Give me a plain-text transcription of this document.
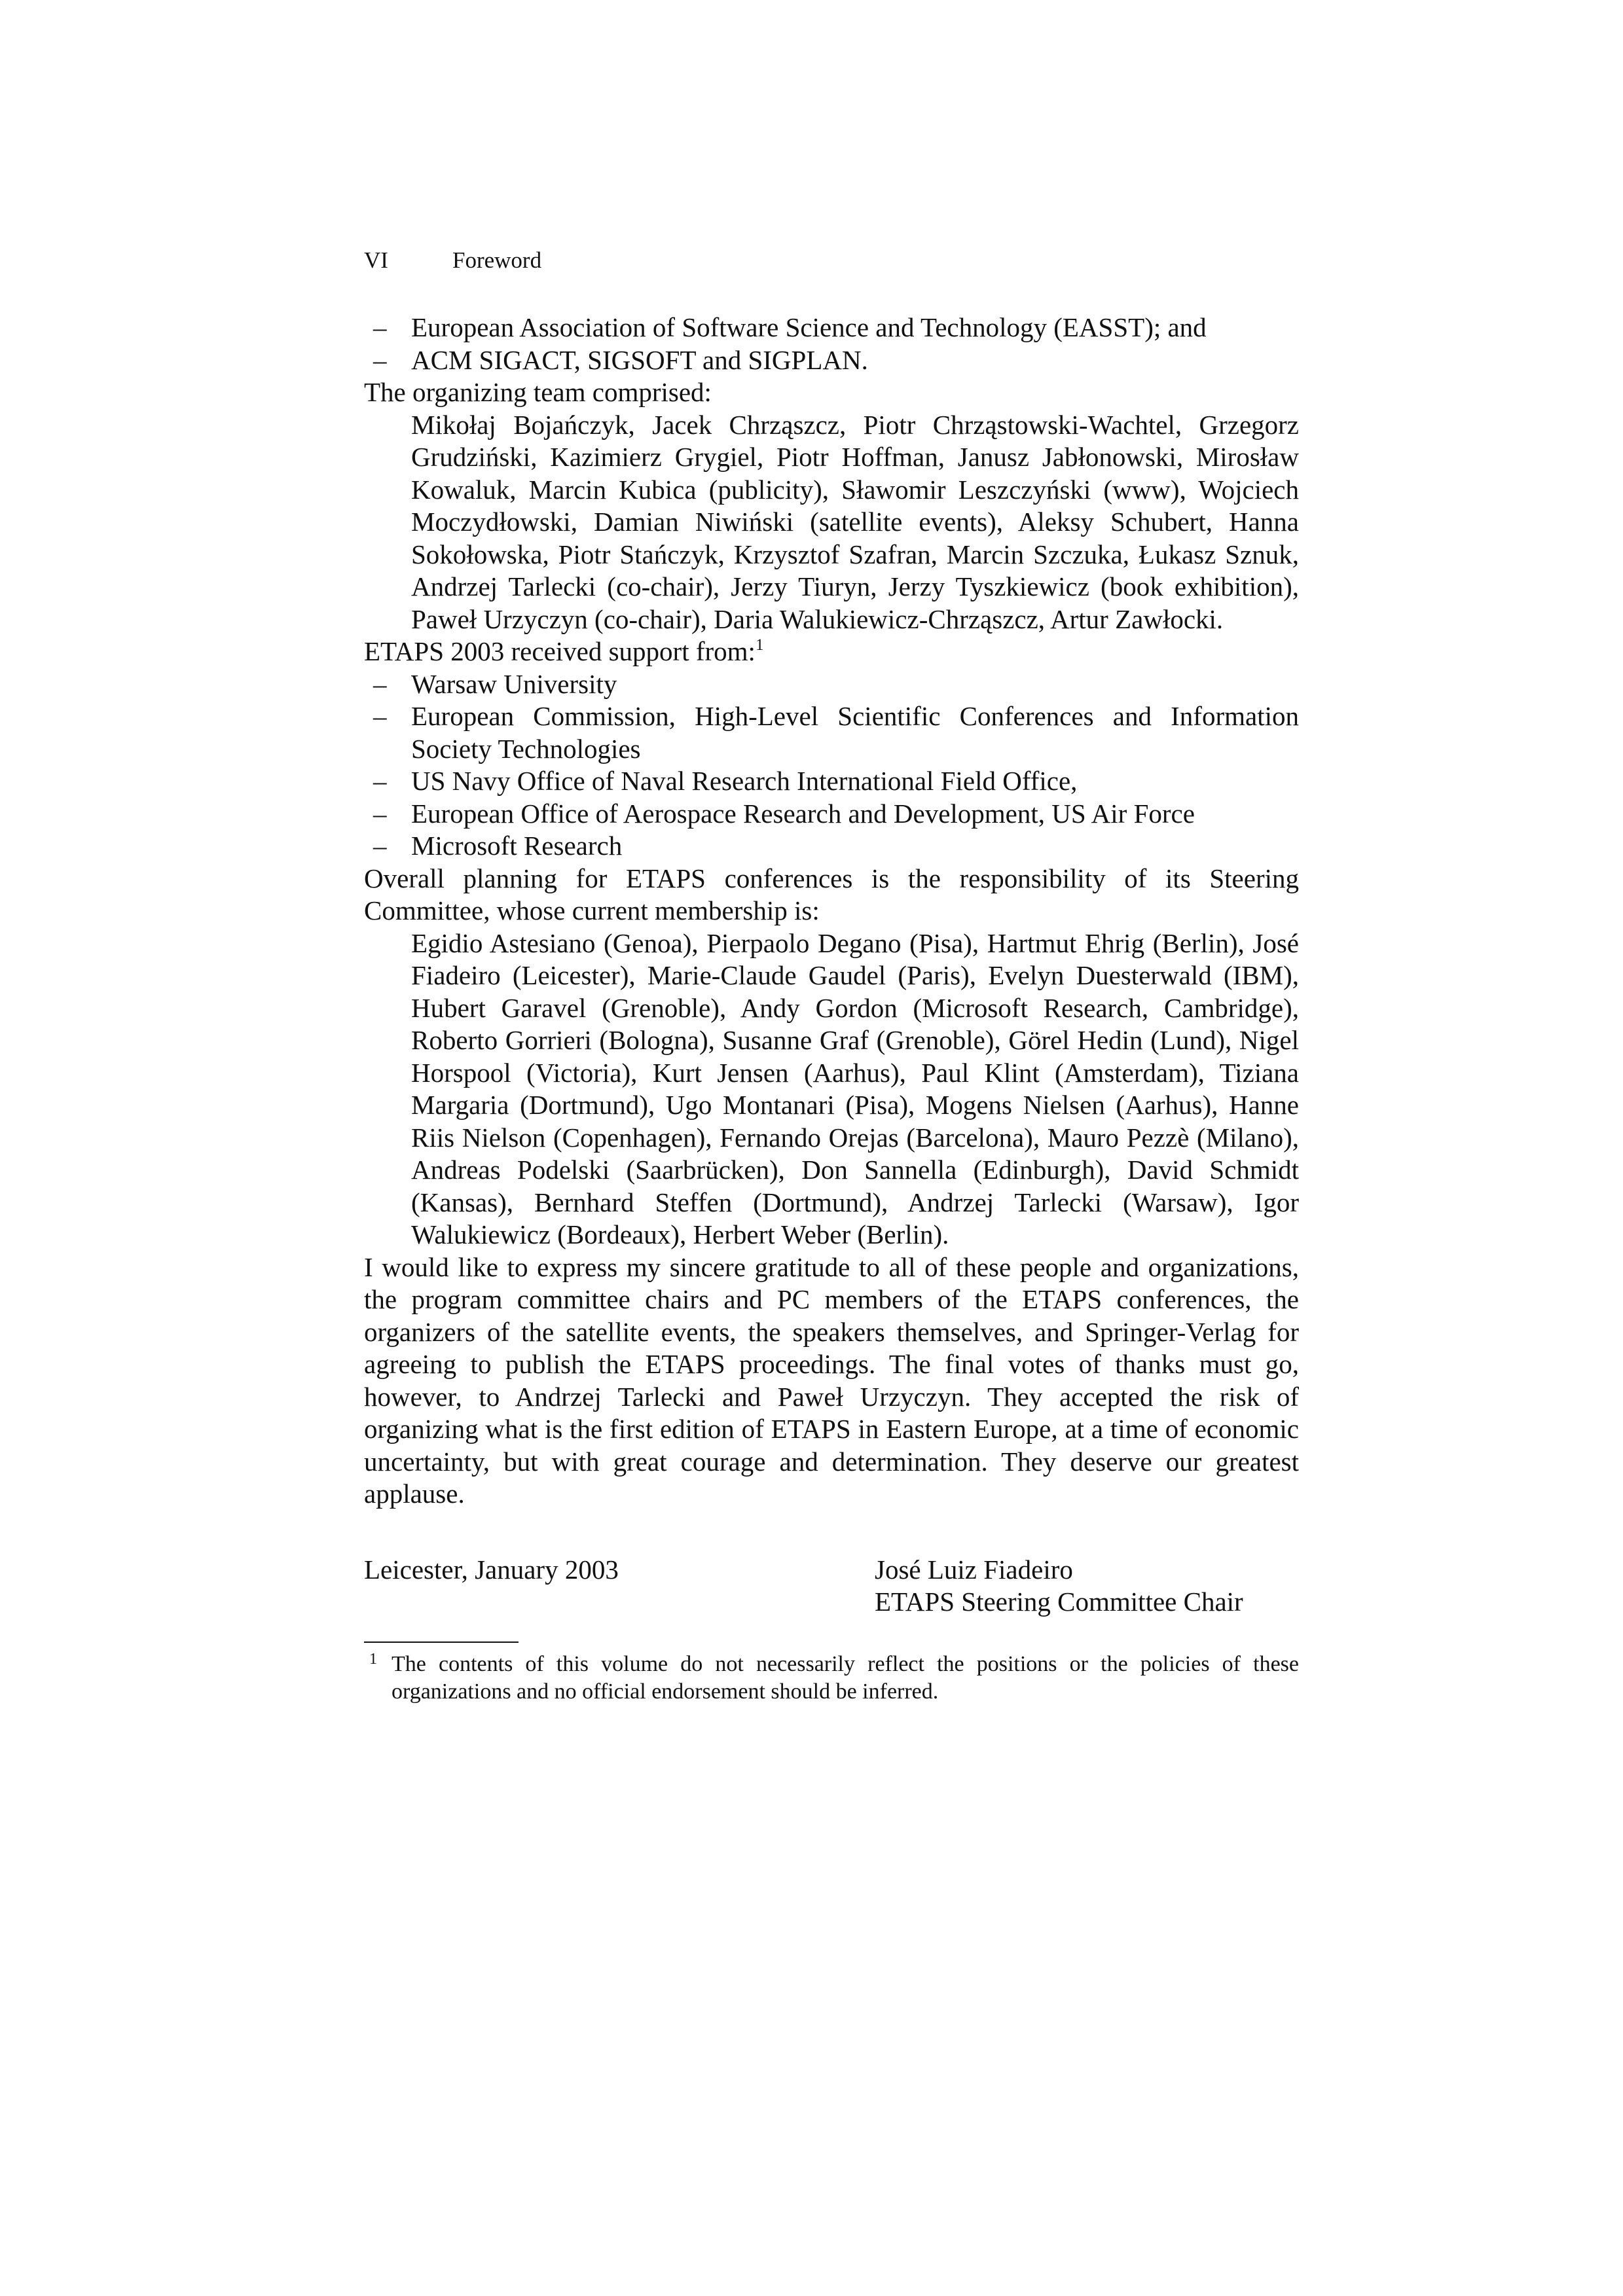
VI	Foreword
– European Association of Software Science and Technology (EASST); and
– ACM SIGACT, SIGSOFT and SIGPLAN.
The organizing team comprised:
Mikołaj Bojańczyk, Jacek Chrząszcz, Piotr Chrząstowski-Wachtel, Grzegorz Grudziński, Kazimierz Grygiel, Piotr Hoffman, Janusz Jabłonowski, Mirosław Kowaluk, Marcin Kubica (publicity), Sławomir Leszczyński (www), Wojciech Moczydłowski, Damian Niwiński (satellite events), Aleksy Schubert, Hanna Sokołowska, Piotr Stańczyk, Krzysztof Szafran, Marcin Szczuka, Łukasz Sznuk, Andrzej Tarlecki (co-chair), Jerzy Tiuryn, Jerzy Tyszkiewicz (book exhibition), Paweł Urzyczyn (co-chair), Daria Walukiewicz-Chrząszcz, Artur Zawłocki.
ETAPS 2003 received support from:$^1$
– Warsaw University
– European Commission, High-Level Scientific Conferences and Information Society Technologies
– US Navy Office of Naval Research International Field Office,
– European Office of Aerospace Research and Development, US Air Force
– Microsoft Research
Overall planning for ETAPS conferences is the responsibility of its Steering Committee, whose current membership is:
Egidio Astesiano (Genoa), Pierpaolo Degano (Pisa), Hartmut Ehrig (Berlin), José Fiadeiro (Leicester), Marie-Claude Gaudel (Paris), Evelyn Duesterwald (IBM), Hubert Garavel (Grenoble), Andy Gordon (Microsoft Research, Cambridge), Roberto Gorrieri (Bologna), Susanne Graf (Grenoble), Görel Hedin (Lund), Nigel Horspool (Victoria), Kurt Jensen (Aarhus), Paul Klint (Amsterdam), Tiziana Margaria (Dortmund), Ugo Montanari (Pisa), Mogens Nielsen (Aarhus), Hanne Riis Nielson (Copenhagen), Fernando Orejas (Barcelona), Mauro Pezzè (Milano), Andreas Podelski (Saarbrücken), Don Sannella (Edinburgh), David Schmidt (Kansas), Bernhard Steffen (Dortmund), Andrzej Tarlecki (Warsaw), Igor Walukiewicz (Bordeaux), Herbert Weber (Berlin).
I would like to express my sincere gratitude to all of these people and organizations, the program committee chairs and PC members of the ETAPS conferences, the organizers of the satellite events, the speakers themselves, and Springer-Verlag for agreeing to publish the ETAPS proceedings. The final votes of thanks must go, however, to Andrzej Tarlecki and Paweł Urzyczyn. They accepted the risk of organizing what is the first edition of ETAPS in Eastern Europe, at a time of economic uncertainty, but with great courage and determination. They deserve our greatest applause.
Leicester, January 2003	José Luiz Fiadeiro
ETAPS Steering Committee Chair
1 The contents of this volume do not necessarily reflect the positions or the policies of these organizations and no official endorsement should be inferred.
